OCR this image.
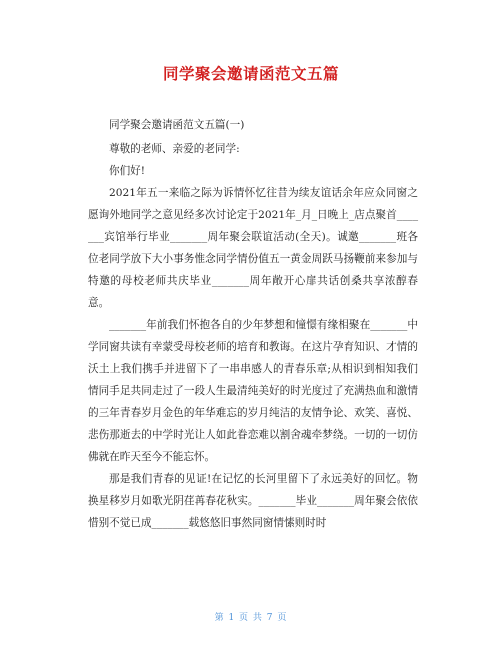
同学聚会邀请函范文五篇

同学聚会邀请函范文五篇(一)

尊敬的老师、亲爱的老同学:

你们好!

2021年五一来临之际为诉情怀忆往昔为续友谊话余年应众同窗之愿询外地同学之意见经多次讨论定于2021年_月_日晚上_店点聚首_______宾馆举行毕业_______周年聚会联谊活动(全天)。诚邀_______班各位老同学放下大小事务惟念同学情份值五一黄金周跃马扬鞭前来参加与特邀的母校老师共庆毕业_______周年敞开心扉共话创桑共享浓醇春意。

_______年前我们怀抱各自的少年梦想和憧憬有缘相聚在_______中学同窗共读有幸蒙受母校老师的培育和教诲。在这片孕育知识、才情的沃土上我们携手并进留下了一串串感人的青春乐章;从相识到相知我们情同手足共同走过了一段人生最清纯美好的时光度过了充满热血和激情的三年青春岁月金色的年华难忘的岁月纯洁的友情争论、欢笑、喜悦、悲伤那逝去的中学时光让人如此眷恋难以割舍魂牵梦绕。一切的一切仿佛就在昨天至今不能忘怀。

那是我们青春的见证!在记忆的长河里留下了永远美好的回忆。物换星移岁月如歌光阴荏苒春花秋实。_______毕业_______周年聚会依依惜别不觉已成_______载悠悠旧事然同窗情愫则时时

第 1 页 共 7 页
